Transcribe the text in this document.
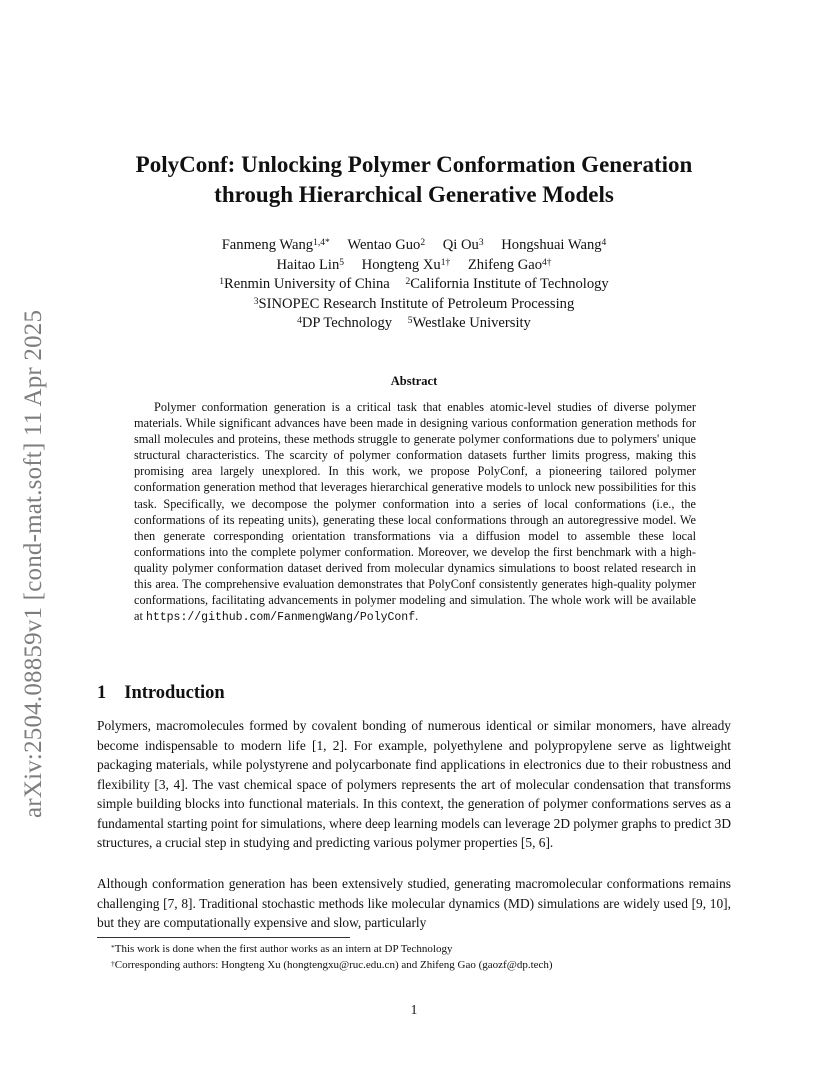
arXiv:2504.08859v1 [cond-mat.soft] 11 Apr 2025
PolyConf: Unlocking Polymer Conformation Generation
through Hierarchical Generative Models
Fanmeng Wang$^{1,4*}$ Wentao Guo$^2$ Qi Ou$^3$ Hongshuai Wang$^4$
Haitao Lin$^5$ Hongteng $Xu^{1\dagger}$ Zhifeng Gao$^{4\dagger}$
$^1$Renmin University of China $^2$California Institute of Technology
$^3$SINOPEC Research Institute of Petroleum Processing
$^4$DP Technology $^5$Westlake University
Abstract

Polymer conformation generation is a critical task that enables atomic-level studies of diverse polymer materials. While significant advances have been made in designing various conformation generation methods for small molecules and proteins, these methods struggle to generate polymer conformations due to polymers' unique structural characteristics. The scarcity of polymer conformation datasets further limits progress, making this promising area largely unexplored. In this work, we propose PolyConf, a pioneering tailored polymer conformation generation method that leverages hierarchical generative models to unlock new possibilities for this task. Specifically, we decompose the polymer conformation into a series of local conformations (i.e., the conformations of its repeating units), generating these local conformations through an autoregressive model. We then generate corresponding orientation transformations via a diffusion model to assemble these local conformations into the complete polymer conformation. Moreover, we develop the first benchmark with a high-quality polymer conformation dataset derived from molecular dynamics simulations to boost related research in this area. The comprehensive evaluation demonstrates that PolyConf consistently generates high-quality polymer conformations, facilitating advancements in polymer modeling and simulation. The whole work will be available at https://github.com/FanmengWang/PolyConf.

1 Introduction

Polymers, macromolecules formed by covalent bonding of numerous identical or similar monomers, have already become indispensable to modern life [1, 2]. For example, polyethylene and polypropylene serve as lightweight packaging materials, while polystyrene and polycarbonate find applications in electronics due to their robustness and flexibility [3, 4]. The vast chemical space of polymers represents the art of molecular condensation that transforms simple building blocks into functional materials. In this context, the generation of polymer conformations serves as a fundamental starting point for simulations, where deep learning models can leverage 2D polymer graphs to predict 3D structures, a crucial step in studying and predicting various polymer properties [5, 6].

Although conformation generation has been extensively studied, generating macromolecular conformations remains challenging [7, 8]. Traditional stochastic methods like molecular dynamics (MD) simulations are widely used [9, 10], but they are computationally expensive and slow, particularly

*This work is done when the first author works as an intern at DP Technology
†Corresponding authors: Hongteng Xu (hongtengxu@ruc.edu.cn) and Zhifeng Gao (gaozf@dp.tech)
1
